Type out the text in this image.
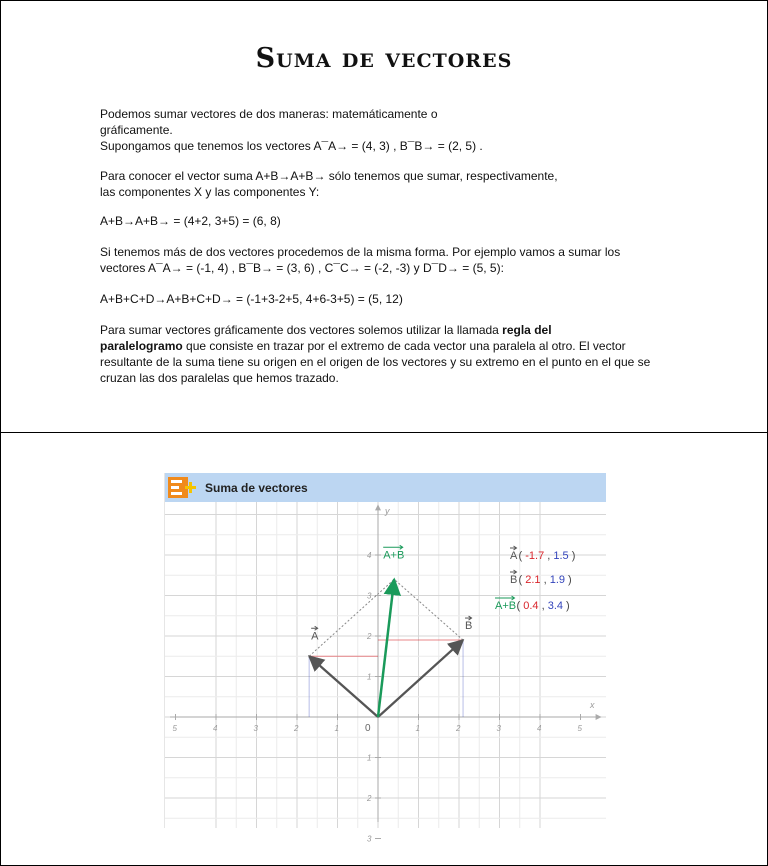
Suma de vectores
Podemos sumar vectores de dos maneras: matemáticamente o
gráficamente.
Supongamos que tenemos los vectores A¯A→ = (4, 3) , B¯B→ = (2, 5) .
Para conocer el vector suma A+B→A+B→ sólo tenemos que sumar, respectivamente,
las componentes X y las componentes Y:
A+B→A+B→ = (4+2, 3+5) = (6, 8)
Si tenemos más de dos vectores procedemos de la misma forma. Por ejemplo vamos a sumar los
vectores A¯A→ = (-1, 4) , B¯B→ = (3, 6) , C¯C→ = (-2, -3) y D¯D→ = (5, 5):
A+B+C+D→A+B+C+D→ = (-1+3-2+5, 4+6-3+5) = (5, 12)
Para sumar vectores gráficamente dos vectores solemos utilizar la llamada regla del
paralelogramo que consiste en trazar por el extremo de cada vector una paralela al otro. El vector
resultante de la suma tiene su origen en el origen de los vectores y su extremo en el punto en el que se
cruzan las dos paralelas que hemos trazado.
Suma de vectores
x
y
0
5	4	3	2	1	1	2	3	4	5
4
3
2
1
1
2
3
A
B
A+B	A ( -1.7 , 1.5 )
B ( 2.1 , 1.9 )
A+B ( 0.4 , 3.4 )
